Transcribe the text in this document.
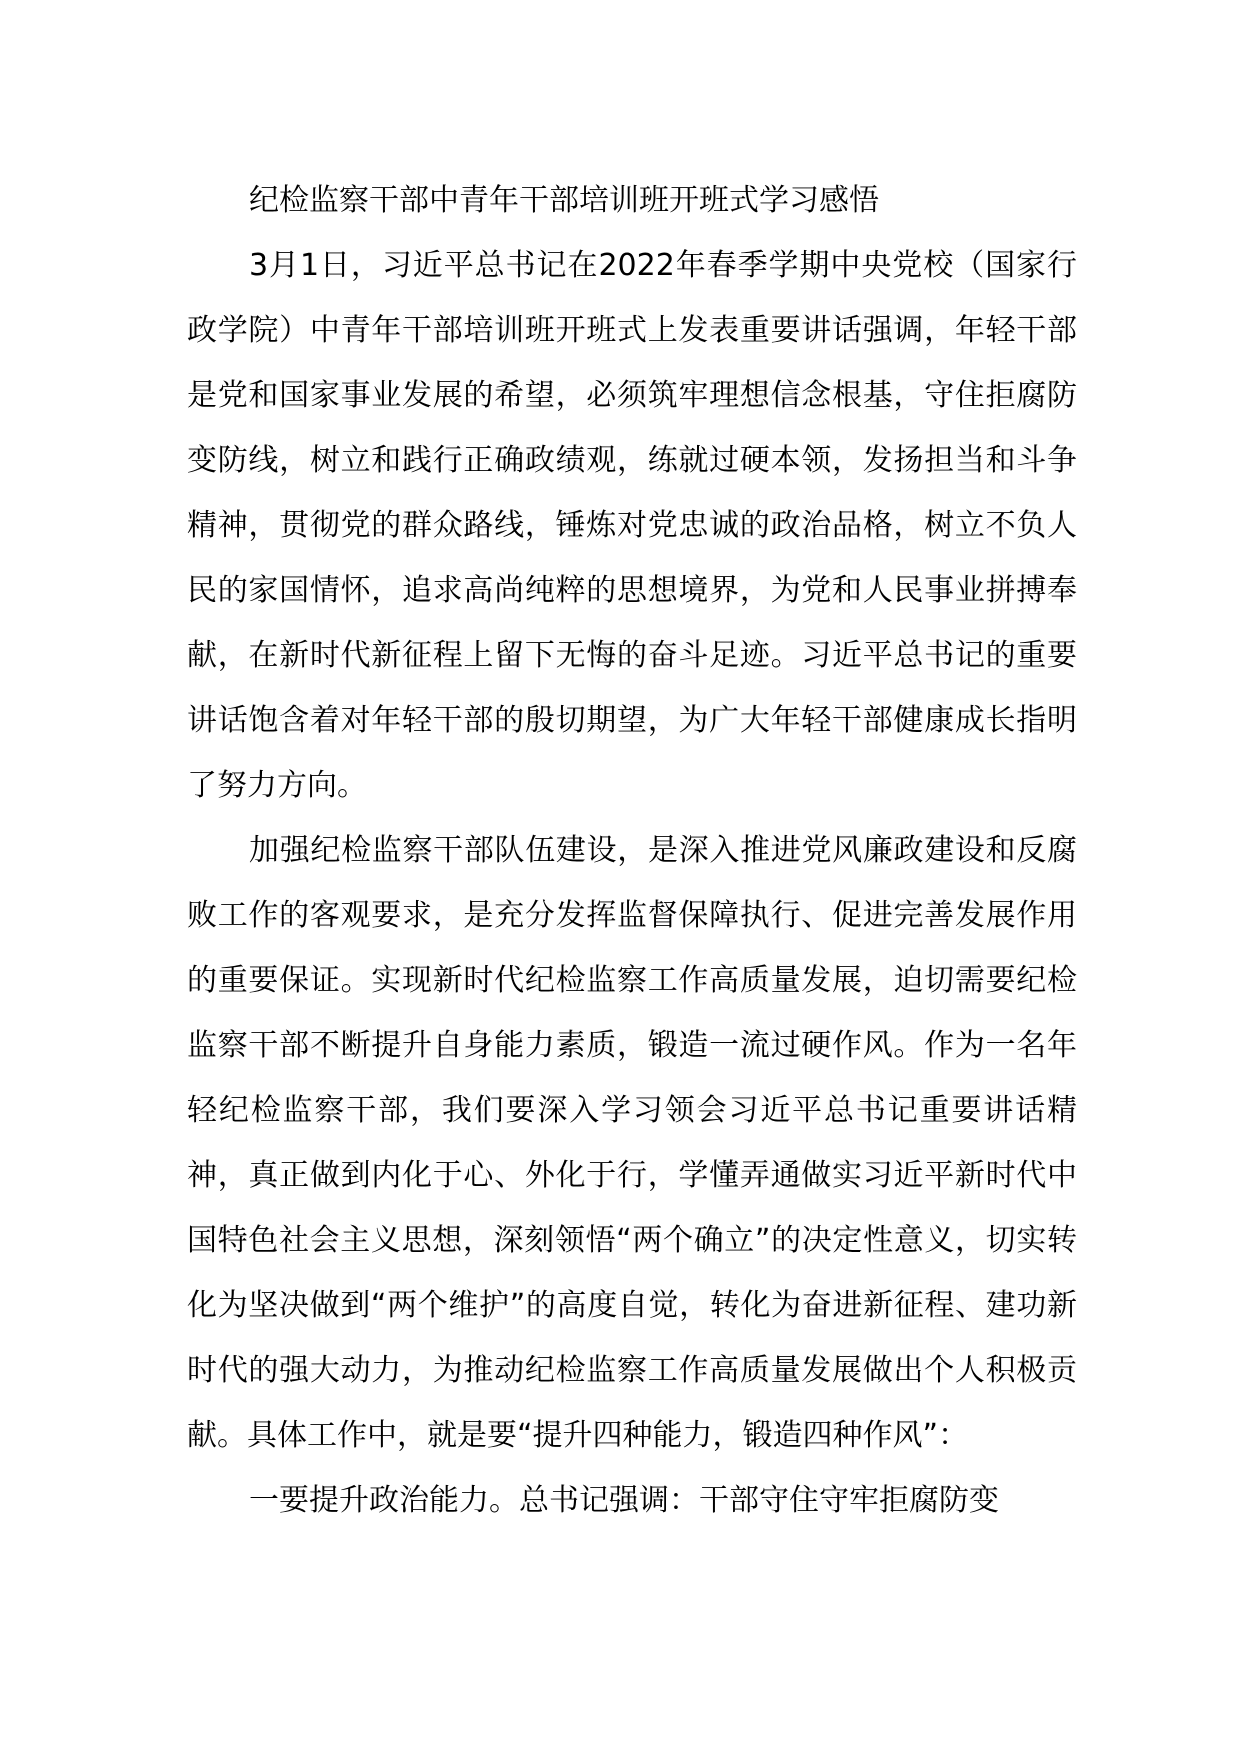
纪检监察干部中青年干部培训班开班式学习感悟

3月1日，习近平总书记在2022年春季学期中央党校（国家行政学院）中青年干部培训班开班式上发表重要讲话强调，年轻干部是党和国家事业发展的希望，必须筑牢理想信念根基，守住拒腐防变防线，树立和践行正确政绩观，练就过硬本领，发扬担当和斗争精神，贯彻党的群众路线，锤炼对党忠诚的政治品格，树立不负人民的家国情怀，追求高尚纯粹的思想境界，为党和人民事业拼搏奉献，在新时代新征程上留下无悔的奋斗足迹。习近平总书记的重要讲话饱含着对年轻干部的殷切期望，为广大年轻干部健康成长指明了努力方向。

加强纪检监察干部队伍建设，是深入推进党风廉政建设和反腐败工作的客观要求，是充分发挥监督保障执行、促进完善发展作用的重要保证。实现新时代纪检监察工作高质量发展，迫切需要纪检监察干部不断提升自身能力素质，锻造一流过硬作风。作为一名年轻纪检监察干部，我们要深入学习领会习近平总书记重要讲话精神，真正做到内化于心、外化于行，学懂弄通做实习近平新时代中国特色社会主义思想，深刻领悟“两个确立”的决定性意义，切实转化为坚决做到“两个维护”的高度自觉，转化为奋进新征程、建功新时代的强大动力，为推动纪检监察工作高质量发展做出个人积极贡献。具体工作中，就是要“提升四种能力，锻造四种作风”：

一要提升政治能力。总书记强调：干部守住守牢拒腐防变
